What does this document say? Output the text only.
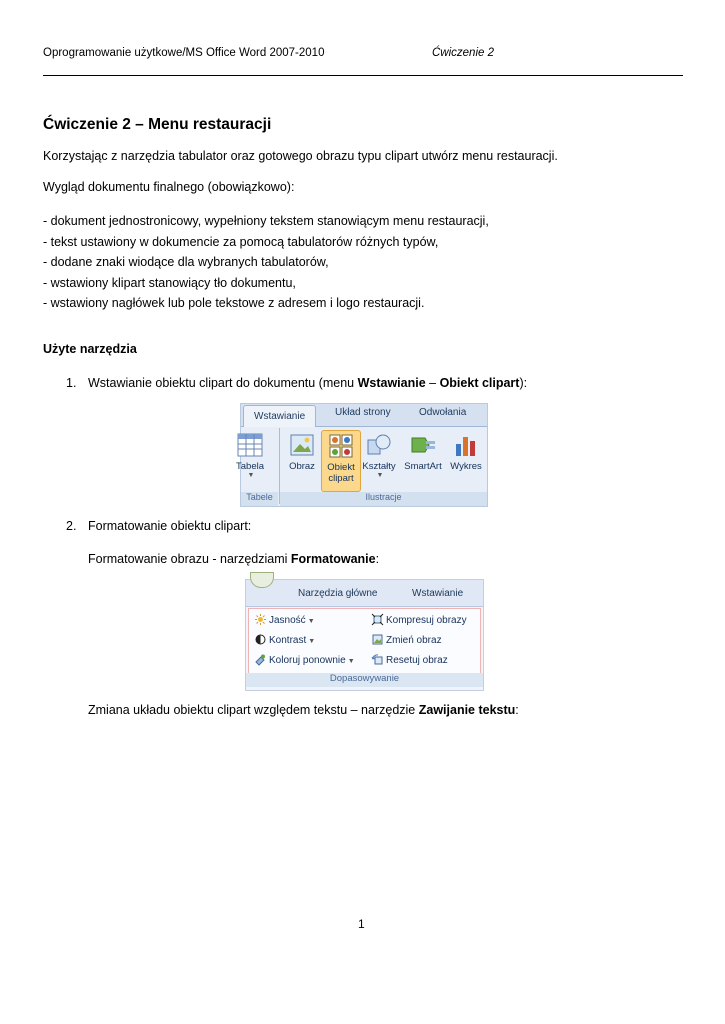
Oprogramowanie użytkowe/MS Office Word 2007-2010	Ćwiczenie 2
Ćwiczenie 2 – Menu restauracji
Korzystając z narzędzia tabulator oraz gotowego obrazu typu clipart utwórz menu restauracji.
Wygląd dokumentu finalnego (obowiązkowo):
- dokument jednostronicowy, wypełniony tekstem stanowiącym menu restauracji,
- tekst ustawiony w dokumencie za pomocą tabulatorów różnych typów,
- dodane znaki wiodące dla wybranych tabulatorów,
- wstawiony klipart stanowiący tło dokumentu,
- wstawiony nagłówek lub pole tekstowe z adresem i logo restauracji.
Użyte narzędzia
1. Wstawianie obiektu clipart do dokumentu (menu Wstawianie – Obiekt clipart):
Wstawianie	Układ strony	Odwołania
Tabela
▼
Obraz	Obiekt clipart
Kształty
▼
SmartArt Wykres
Tabele	Ilustracje
2. Formatowanie obiektu clipart:
Formatowanie obrazu - narzędziami Formatowanie:
Narzędzia główne	Wstawianie
Jasność ▼
Kontrast ▼
Koloruj ponownie ▼
Kompresuj obrazy
Zmień obraz
Resetuj obraz
Dopasowywanie
Zmiana układu obiektu clipart względem tekstu – narzędzie Zawijanie tekstu:
1
